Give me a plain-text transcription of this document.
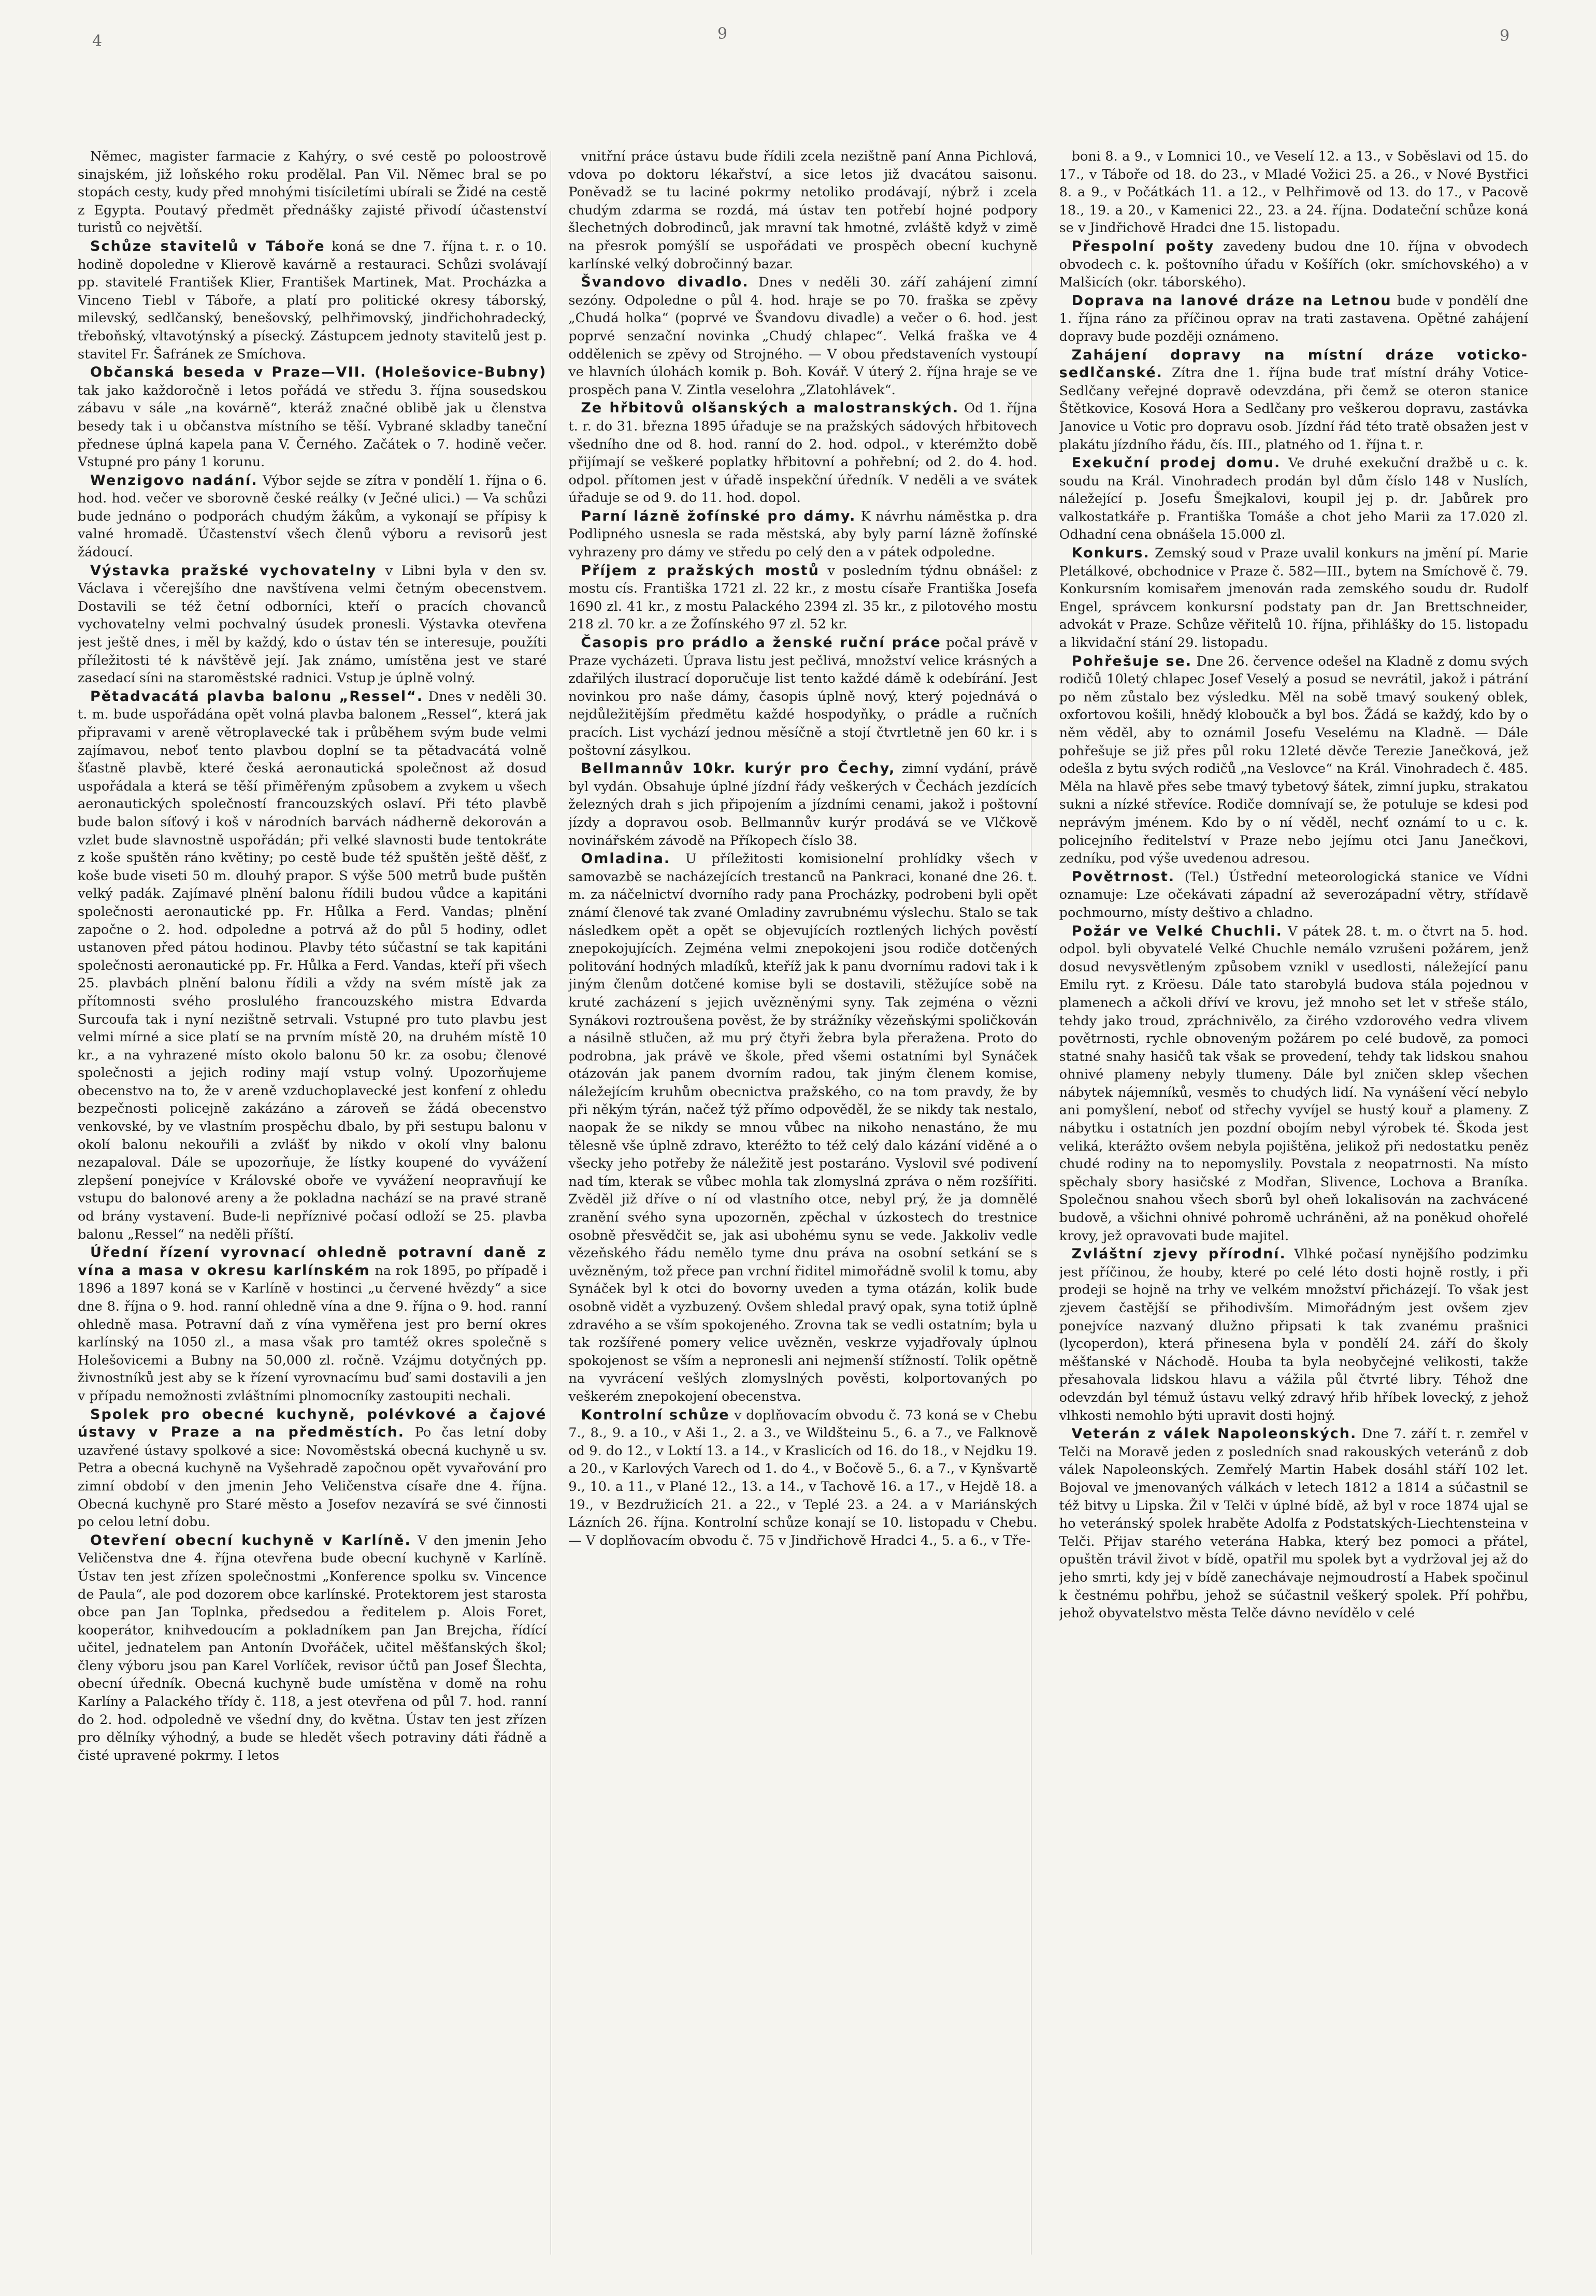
4	9	9

Němec, magister farmacie z Kahýry, o své cestě po poloostrově sinajském, již loňského roku prodělal. Pan Vil. Němec bral se po stopách cesty, kudy před mnohými tisíciletími ubírali se Židé na cestě z Egypta. Poutavý předmět přednášky zajisté přivodí účastenství turistů co největší.

Schůze stavitelů v Táboře koná se dne 7. října t. r. o 10. hodině dopoledne v Klierově kavárně a restauraci. Schůzi svolávají pp. stavitelé František Klier, František Martinek, Mat. Procházka a Vinceno Tiebl v Táboře, a platí pro politické okresy táborský, milevský, sedlčanský, benešovský, pelhřimovský, jindřichohradecký, třeboňský, vltavotýnský a písecký. Zástupcem jednoty stavitelů jest p. stavitel Fr. Šafránek ze Smíchova.

Občanská beseda v Praze—VII. (Holešovice-Bubny) tak jako každoročně i letos pořádá ve středu 3. října sousedskou zábavu v sále „na kovárně“, kteráž značné oblibě jak u členstva besedy tak i u občanstva místního se těší. Vybrané skladby taneční přednese úplná kapela pana V. Černého. Začátek o 7. hodině večer. Vstupné pro pány 1 korunu.

Wenzigovo nadání. Výbor sejde se zítra v pondělí 1. října o 6. hod. hod. večer ve sborovně české reálky (v Ječné ulici.) — Va schůzi bude jednáno o podporách chudým žákům, a vykonají se přípisy k valné hromadě. Účastenství všech členů výboru a revisorů jest žádoucí.

Výstavka pražské vychovatelny v Libni byla v den sv. Václava i včerejšího dne navštívena velmi četným obecenstvem. Dostavili se též četní odborníci, kteří o pracích chovanců vychovatelny velmi pochvalný úsudek pronesli. Výstavka otevřena jest ještě dnes, i měl by každý, kdo o ústav tén se interesuje, použíti příležitosti té k návštěvě její. Jak známo, umístěna jest ve staré zasedací síni na staroměstské radnici. Vstup je úplně volný.

Pětadvacátá plavba balonu „Ressel“. Dnes v neděli 30. t. m. bude uspořádána opět volná plavba balonem „Ressel“, která jak připravami v areně větroplavecké tak i průběhem svým bude velmi zajímavou, neboť tento plavbou doplní se ta pětadvacátá volně šťastně plavbě, které česká aeronautická společnost až dosud uspořádala a která se těší přiměřeným způsobem a zvykem u všech aeronautických společností francouzských oslaví. Při této plavbě bude balon síťový i koš v národních barvách nádherně dekorován a vzlet bude slavnostně uspořádán; při velké slavnosti bude tentokráte z koše spuštěn ráno květiny; po cestě bude též spuštěn ještě děšť, z koše bude viseti 50 m. dlouhý prapor. S výše 500 metrů bude puštěn velký padák. Zajímavé plnění balonu řídili budou vůdce a kapitáni společnosti aeronautické pp. Fr. Hůlka a Ferd. Vandas; plnění započne o 2. hod. odpoledne a potrvá až do půl 5 hodiny, odlet ustanoven před pátou hodinou. Plavby této súčastní se tak kapitáni společnosti aeronautické pp. Fr. Hůlka a Ferd. Vandas, kteří při všech 25. plavbách plnění balonu řídili a vždy na svém místě jak za přítomnosti svého proslulého francouzského mistra Edvarda Surcoufa tak i nyní nezištně setrvali. Vstupné pro tuto plavbu jest velmi mírné a sice platí se na prvním místě 20, na druhém místě 10 kr., a na vyhrazené místo okolo balonu 50 kr. za osobu; členové společnosti a jejich rodiny mají vstup volný. Upozorňujeme obecenstvo na to, že v areně vzduchoplavecké jest konfení z ohledu bezpečnosti policejně zakázáno a zároveň se žádá obecenstvo venkovské, by ve vlastním prospěchu dbalo, by při sestupu balonu v okolí balonu nekouřili a zvlášť by nikdo v okolí vlny balonu nezapaloval. Dále se upozorňuje, že lístky koupené do vyvážení zlepšení ponejvíce v Královské oboře ve vyvážení neopravňují ke vstupu do balonové areny a že pokladna nachází se na pravé straně od brány vystavení. Bude-li nepříznivé počasí odloží se 25. plavba balonu „Ressel“ na neděli příští.

Úřední řízení vyrovnací ohledně potravní daně z vína a masa v okresu karlínském na rok 1895, po případě i 1896 a 1897 koná se v Karlíně v hostinci „u červené hvězdy“ a sice dne 8. října o 9. hod. ranní ohledně vína a dne 9. října o 9. hod. ranní ohledně masa. Potravní daň z vína vyměřena jest pro berní okres karlínský na 1050 zl., a masa však pro tamtéž okres společně s Holešovicemi a Bubny na 50,000 zl. ročně. Vzájmu dotyčných pp. živnostníků jest aby se k řízení vyrovnacímu buď sami dostavili a jen v případu nemožnosti zvláštními plnomocníky zastoupiti nechali.

Spolek pro obecné kuchyně, polévkové a čajové ústavy v Praze a na předměstích. Po čas letní doby uzavřené ústavy spolkové a sice: Novoměstská obecná kuchyně u sv. Petra a obecná kuchyně na Vyšehradě započnou opět vyvařování pro zimní období v den jmenin Jeho Veličenstva císaře dne 4. října. Obecná kuchyně pro Staré město a Josefov nezavírá se své činnosti po celou letní dobu.

Otevření obecní kuchyně v Karlíně. V den jmenin Jeho Veličenstva dne 4. října otevřena bude obecní kuchyně v Karlíně. Ústav ten jest zřízen společnostmi „Konference spolku sv. Vincence de Paula“, ale pod dozorem obce karlínské. Protektorem jest starosta obce pan Jan Toplnka, předsedou a ředitelem p. Alois Foret, kooperátor, knihvedoucím a pokladníkem pan Jan Brejcha, řídící učitel, jednatelem pan Antonín Dvořáček, učitel měšťanských škol; členy výboru jsou pan Karel Vorlíček, revisor účtů pan Josef Šlechta, obecní úředník. Obecná kuchyně bude umístěna v domě na rohu Karlíny a Palackého třídy č. 118, a jest otevřena od půl 7. hod. ranní do 2. hod. odpoledně ve všední dny, do května. Ústav ten jest zřízen pro dělníky výhodný, a bude se hledět všech potraviny dáti řádně a čisté upravené pokrmy. I letos

vnitřní práce ústavu bude řídili zcela nezištně paní Anna Pichlová, vdova po doktoru lékařství, a sice letos již dvacátou saisonu. Poněvadž se tu laciné pokrmy netoliko prodávají, nýbrž i zcela chudým zdarma se rozdá, má ústav ten potřebí hojné podpory šlechetných dobrodinců, jak mravní tak hmotné, zvláště když v zimě na přesrok pomýšlí se uspořádati ve prospěch obecní kuchyně karlínské velký dobročinný bazar.

Švandovo divadlo. Dnes v neděli 30. září zahájení zimní sezóny. Odpoledne o půl 4. hod. hraje se po 70. fraška se zpěvy „Chudá holka“ (poprvé ve Švandovu divadle) a večer o 6. hod. jest poprvé senzační novinka „Chudý chlapec“. Velká fraška ve 4 oddělenich se zpěvy od Strojného. — V obou představeních vystoupí ve hlavních úlohách komik p. Boh. Kovář. V úterý 2. října hraje se ve prospěch pana V. Zintla veselohra „Zlatohlávek“.

Ze hřbitovů olšanských a malostranských. Od 1. října t. r. do 31. března 1895 úřaduje se na pražských sádových hřbitovech všedního dne od 8. hod. ranní do 2. hod. odpol., v kterémžto době přijímají se veškeré poplatky hřbitovní a pohřební; od 2. do 4. hod. odpol. přítomen jest v úřadě inspekční úředník. V neděli a ve svátek úřaduje se od 9. do 11. hod. dopol.

Parní lázně žofínské pro dámy. K návrhu náměstka p. dra Podlipného usnesla se rada městská, aby byly parní lázně žofínské vyhrazeny pro dámy ve středu po celý den a v pátek odpoledne.

Příjem z pražských mostů v posledním týdnu obnášel: z mostu cís. Františka 1721 zl. 22 kr., z mostu císaře Františka Josefa 1690 zl. 41 kr., z mostu Palackého 2394 zl. 35 kr., z pilotového mostu 218 zl. 70 kr. a ze Žofínského 97 zl. 52 kr.

Časopis pro prádlo a ženské ruční práce počal právě v Praze vycházeti. Úprava listu jest pečlivá, množství velice krásných a zdařilých ilustrací doporučuje list tento každé dámě k odebírání. Jest novinkou pro naše dámy, časopis úplně nový, který pojednává o nejdůležitějším předmětu každé hospodyňky, o prádle a ručních pracích. List vychází jednou měsíčně a stojí čtvrtletně jen 60 kr. i s poštovní zásylkou.

Bellmannův 10kr. kurýr pro Čechy, zimní vydání, právě byl vydán. Obsahuje úplné jízdní řády veškerých v Čechách jezdících železných drah s jich připojením a jízdními cenami, jakož i poštovní jízdy a dopravou osob. Bellmannův kurýr prodává se ve Vlčkově novinářském závodě na Příkopech číslo 38.

Omladina. U příležitosti komisionelní prohlídky všech v samovazbě se nacházejících trestanců na Pankraci, konané dne 26. t. m. za náčelnictví dvorního rady pana Procházky, podrobeni byli opět známí členové tak zvané Omladiny zavrubnému výslechu. Stalo se tak následkem opět a opět se objevujících roztlených lichých pověstí znepokojujících. Zejména velmi znepokojeni jsou rodiče dotčených politování hodných mladíků, kteříž jak k panu dvornímu radovi tak i k jiným členům dotčené komise byli se dostavili, stěžujíce sobě na kruté zacházení s jejich uvězněnými syny. Tak zejména o vězni Synákovi roztroušena pověst, že by strážníky vězeňskými spoličkován a násilně stlučen, až mu prý čtyři žebra byla přeražena. Proto do podrobna, jak právě ve škole, před všemi ostatními byl Synáček otázován jak panem dvorním radou, tak jiným členem komise, náležejícím kruhům obecnictva pražského, co na tom pravdy, že by při někým týrán, načež týž přímo odpověděl, že se nikdy tak nestalo, naopak že se nikdy se mnou vůbec na nikoho nenastáno, že mu tělesně vše úplně zdravo, kteréžto to též celý dalo kázání viděné a o všecky jeho potřeby že náležitě jest postaráno. Vyslovil své podivení nad tím, kterak se vůbec mohla tak zlomyslná zpráva o něm rozšířiti. Zvěděl již dříve o ní od vlastního otce, nebyl prý, že ja domnělé zranění svého syna upozorněn, zpěchal v úzkostech do trestnice osobně přesvědčit se, jak asi ubohému synu se vede. Jakkoliv vedle vězeňského řádu nemělo tyme dnu práva na osobní setkání se s uvězněným, tož přece pan vrchní řiditel mimořádně svolil k tomu, aby Synáček byl k otci do bovorny uveden a tyma otázán, kolik bude osobně vidět a vyzbuzený. Ovšem shledal pravý opak, syna totiž úplně zdravého a se vším spokojeného. Zrovna tak se vedli ostatním; byla u tak rozšířené pomery velice uvězněn, veskrze vyjadřovaly úplnou spokojenost se vším a nepronesli ani nejmenší stížností. Tolik opětně na vyvrácení vešlých zlomyslných pověsti, kolportovaných po veškerém znepokojení obecenstva.

Kontrolní schůze v doplňovacím obvodu č. 73 koná se v Chebu 7., 8., 9. a 10., v Aši 1., 2. a 3., ve Wildšteinu 5., 6. a 7., ve Falknově od 9. do 12., v Loktí 13. a 14., v Kraslicích od 16. do 18., v Nejdku 19. a 20., v Karlových Varech od 1. do 4., v Bočově 5., 6. a 7., v Kynšvartě 9., 10. a 11., v Plané 12., 13. a 14., v Tachově 16. a 17., v Hejdě 18. a 19., v Bezdružicích 21. a 22., v Teplé 23. a 24. a v Mariánských Lázních 26. října. Kontrolní schůze konají se 10. listopadu v Chebu. — V doplňovacím obvodu č. 75 v Jindřichově Hradci 4., 5. a 6., v Tře-

boni 8. a 9., v Lomnici 10., ve Veselí 12. a 13., v Soběslavi od 15. do 17., v Táboře od 18. do 23., v Mladé Vožici 25. a 26., v Nové Bystřici 8. a 9., v Počátkách 11. a 12., v Pelhřimově od 13. do 17., v Pacově 18., 19. a 20., v Kamenici 22., 23. a 24. října. Dodateční schůze koná se v Jindřichově Hradci dne 15. listopadu.

Přespolní pošty zavedeny budou dne 10. října v obvodech obvodech c. k. poštovního úřadu v Košířích (okr. smíchovského) a v Malšicích (okr. táborského).

Doprava na lanové dráze na Letnou bude v pondělí dne 1. října ráno za příčinou oprav na trati zastavena. Opětné zahájení dopravy bude později oznámeno.

Zahájení dopravy na místní dráze voticko-sedlčanské. Zítra dne 1. října bude trať místní dráhy Votice-Sedlčany veřejné dopravě odevzdána, při čemž se oteron stanice Štětkovice, Kosová Hora a Sedlčany pro veškerou dopravu, zastávka Janovice u Votic pro dopravu osob. Jízdní řád této tratě obsažen jest v plakátu jízdního řádu, čís. III., platného od 1. října t. r.

Exekuční prodej domu. Ve druhé exekuční dražbě u c. k. soudu na Král. Vinohradech prodán byl dům číslo 148 v Nuslích, náležející p. Josefu Šmejkalovi, koupil jej p. dr. Jabůrek pro valkostatkáře p. Františka Tomáše a chot jeho Marii za 17.020 zl. Odhadní cena obnášela 15.000 zl.

Konkurs. Zemský soud v Praze uvalil konkurs na jmění pí. Marie Pletálkové, obchodnice v Praze č. 582—III., bytem na Smíchově č. 79. Konkursním komisařem jmenován rada zemského soudu dr. Rudolf Engel, správcem konkursní podstaty pan dr. Jan Brettschneider, advokát v Praze. Schůze věřitelů 10. října, přihlášky do 15. listopadu a likvidační stání 29. listopadu.

Pohřešuje se. Dne 26. července odešel na Kladně z domu svých rodičů 10letý chlapec Josef Veselý a posud se nevrátil, jakož i pátrání po něm zůstalo bez výsledku. Měl na sobě tmavý soukený oblek, oxfortovou košili, hnědý kloboučk a byl bos. Žádá se každý, kdo by o něm věděl, aby to oznámil Josefu Veselému na Kladně. — Dále pohřešuje se již přes půl roku 12leté děvče Terezie Janečková, jež odešla z bytu svých rodičů „na Veslovce“ na Král. Vinohradech č. 485. Měla na hlavě přes sebe tmavý tybetový šátek, zimní jupku, strakatou sukni a nízké střevíce. Rodiče domnívají se, že potuluje se kdesi pod neprávým jménem. Kdo by o ní věděl, nechť oznámí to u c. k. policejního ředitelství v Praze nebo jejímu otci Janu Janečkovi, zedníku, pod výše uvedenou adresou.

Povětrnost. (Tel.) Ústřední meteorologická stanice ve Vídni oznamuje: Lze očekávati západní až severozápadní větry, střídavě pochmourno, místy deštivo a chladno.

Požár ve Velké Chuchli. V pátek 28. t. m. o čtvrt na 5. hod. odpol. byli obyvatelé Velké Chuchle nemálo vzrušeni požárem, jenž dosud nevysvětleným způsobem vznikl v usedlosti, náležející panu Emilu ryt. z Kröesu. Dále tato starobylá budova stála pojednou v plamenech a ačkoli dříví ve krovu, jež mnoho set let v střeše stálo, tehdy jako troud, zpráchnivělo, za čirého vzdorového vedra vlivem povětrnosti, rychle obnoveným požárem po celé budově, za pomoci statné snahy hasičů tak však se provedení, tehdy tak lidskou snahou ohnivé plameny nebyly tlumeny. Dále byl zničen sklep všechen nábytek nájemníků, vesměs to chudých lidí. Na vynášení věcí nebylo ani pomyšlení, neboť od střechy vyvíjel se hustý kouř a plameny. Z nábytku i ostatních jen pozdní obojím nebyl výrobek té. Škoda jest veliká, kterážto ovšem nebyla pojištěna, jelikož při nedostatku peněz chudé rodiny na to nepomyslily. Povstala z neopatrnosti. Na místo spěchaly sbory hasičské z Modřan, Slivence, Lochova a Braníka. Společnou snahou všech sborů byl oheň lokalisován na zachvácené budově, a všichni ohnivé pohromě uchráněni, až na poněkud ohořelé krovy, jež opravovati bude majitel.

Zvláštní zjevy přírodní. Vlhké počasí nynějšího podzimku jest příčinou, že houby, které po celé léto dosti hojně rostly, i při prodeji se hojně na trhy ve velkém množství přicházejí. To však jest zjevem častější se přihodivším. Mimořádným jest ovšem zjev ponejvíce nazvaný dlužno připsati k tak zvanému prašnici (lycoperdon), která přinesena byla v pondělí 24. září do školy měšťanské v Náchodě. Houba ta byla neobyčejné velikosti, takže přesahovala lidskou hlavu a vážila půl čtvrté libry. Téhož dne odevzdán byl témuž ústavu velký zdravý hřib hříbek lovecký, z jehož vlhkosti nemohlo býti upravit dosti hojný.

Veterán z válek Napoleonských. Dne 7. září t. r. zemřel v Telči na Moravě jeden z posledních snad rakouských veteránů z dob válek Napoleonských. Zemřelý Martin Habek dosáhl stáří 102 let. Bojoval ve jmenovaných válkách v letech 1812 a 1814 a súčastnil se též bitvy u Lipska. Žil v Telči v úplné bídě, až byl v roce 1874 ujal se ho veteránský spolek hraběte Adolfa z Podstatských-Liechtensteina v Telči. Přijav starého veterána Habka, který bez pomoci a přátel, opuštěn trávil život v bídě, opatřil mu spolek byt a vydržoval jej až do jeho smrti, kdy jej v bídě zanechávaje nejmoudrostí a Habek spočinul k čestnému pohřbu, jehož se súčastnil veškerý spolek. Pří pohřbu, jehož obyvatelstvo města Telče dávno nevídělo v celé
